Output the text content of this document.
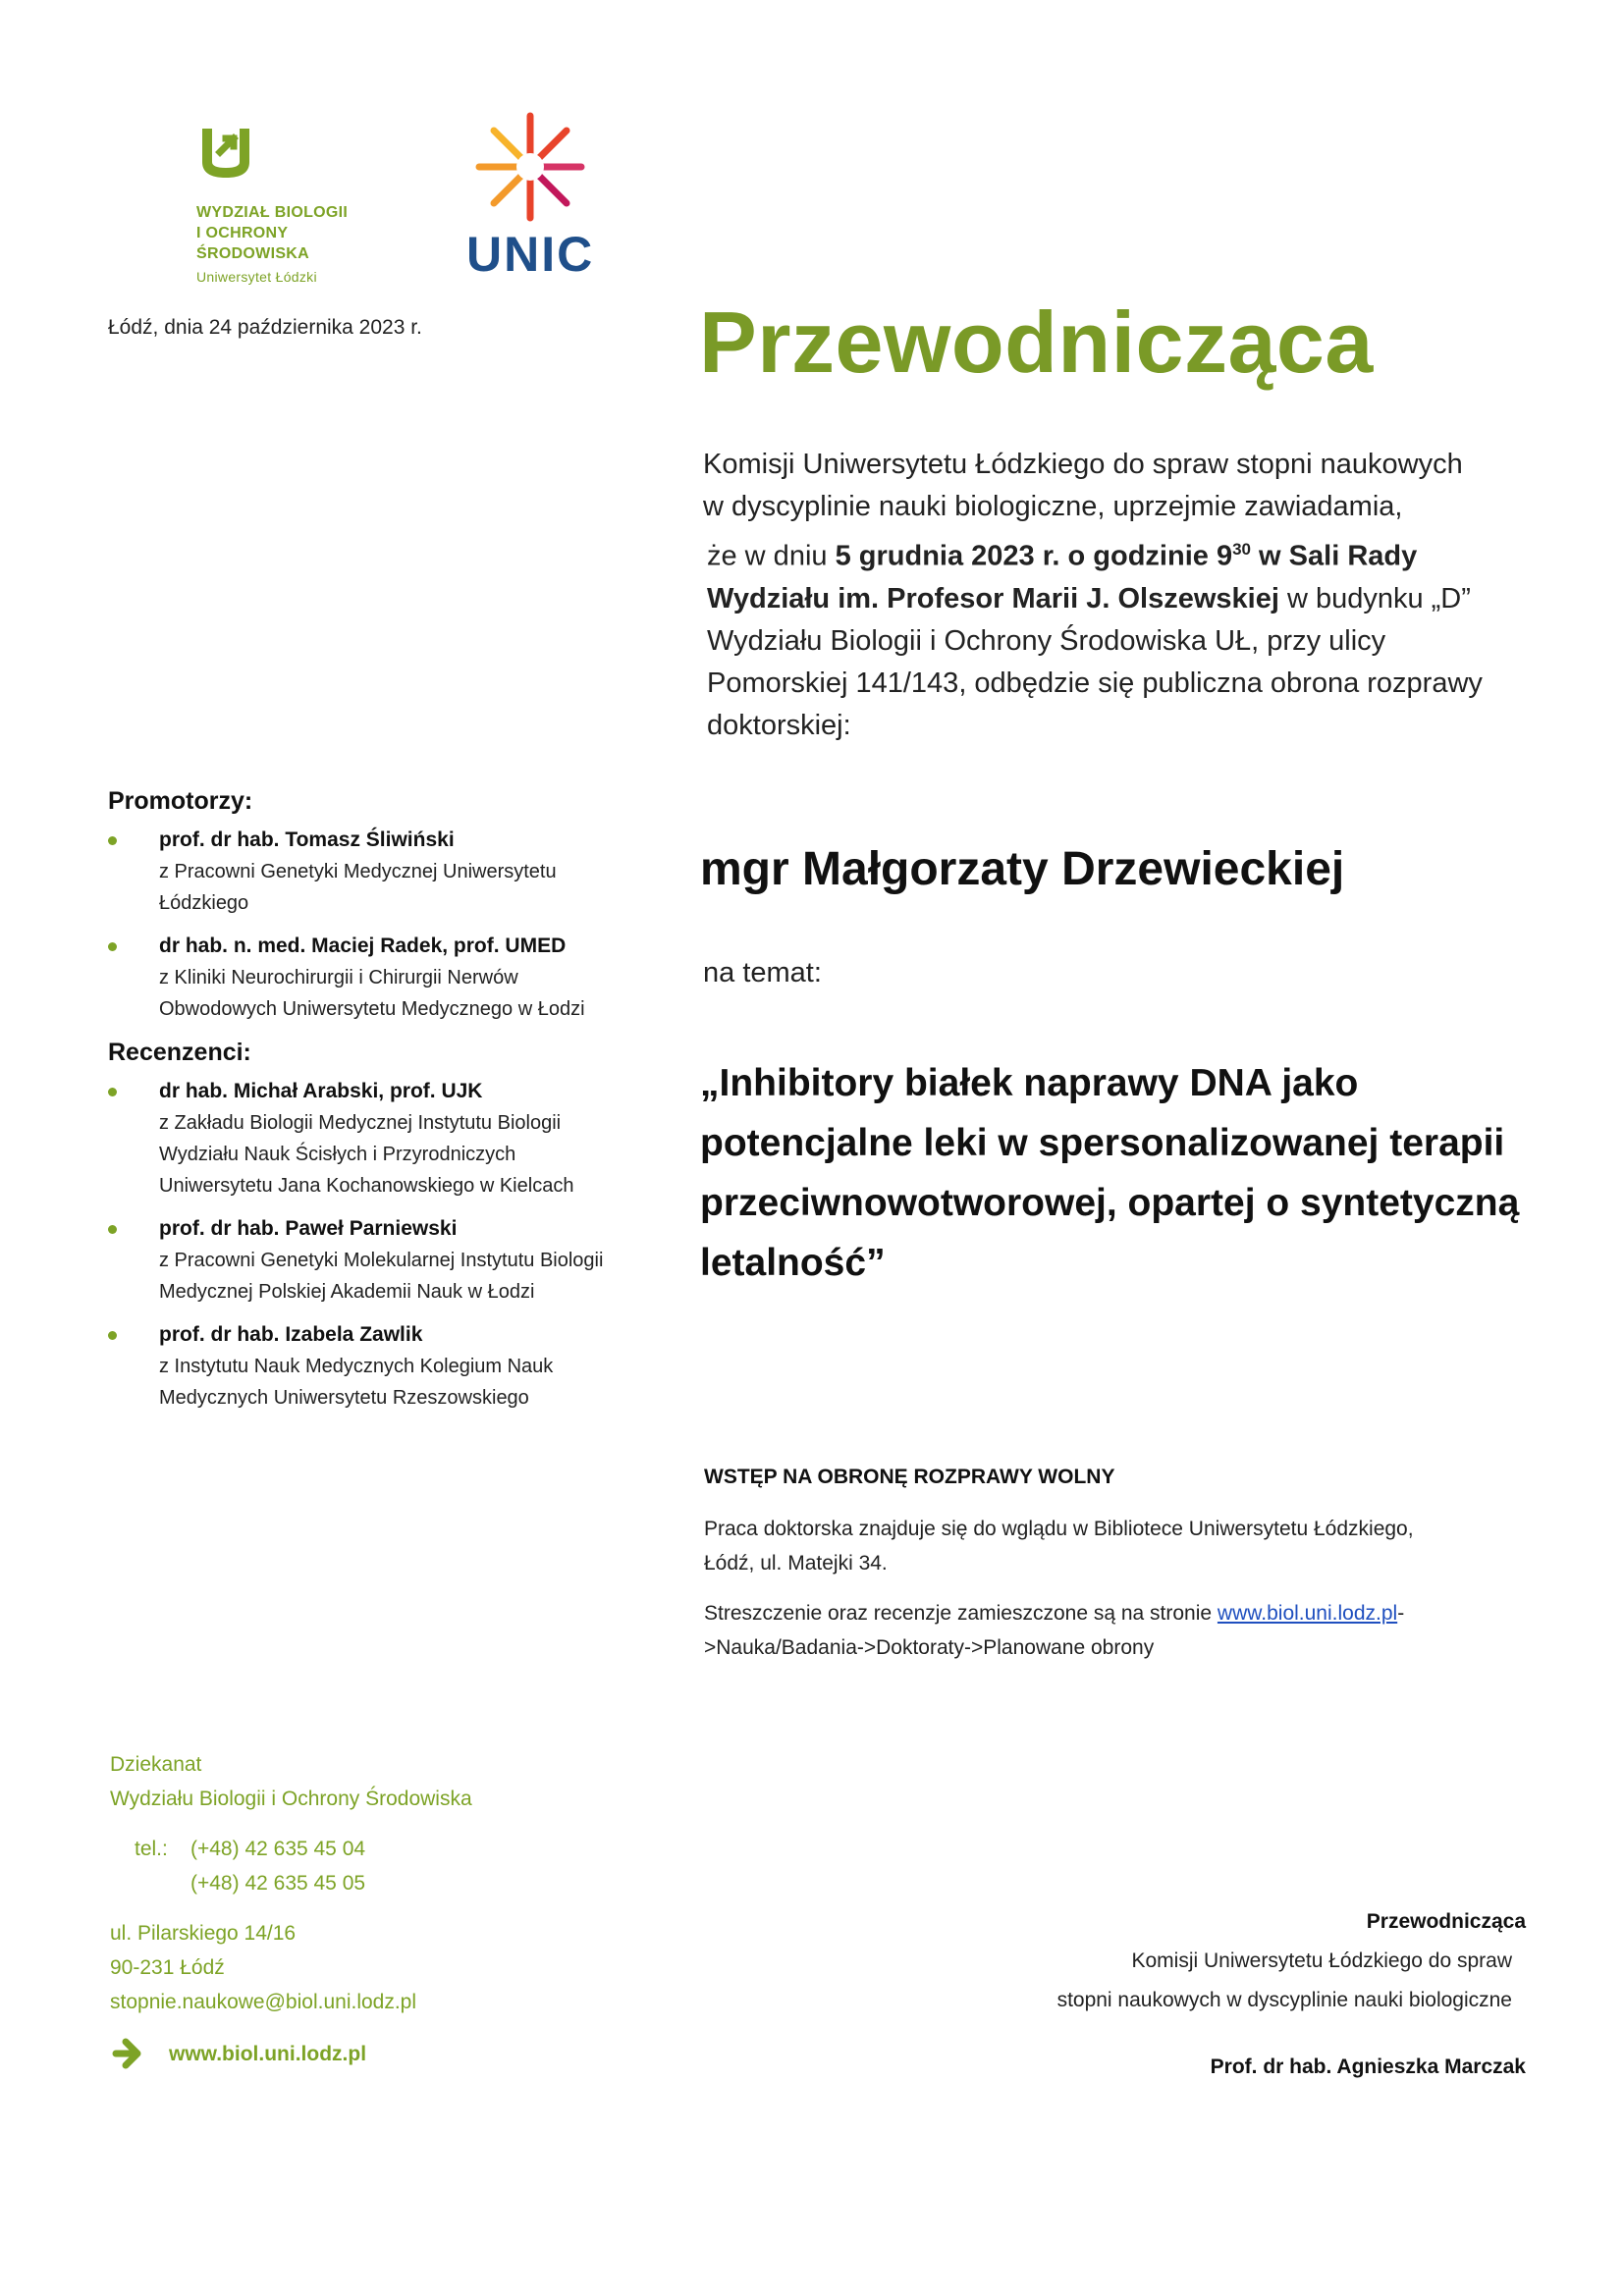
WYDZIAŁ BIOLOGII
I OCHRONY
ŚRODOWISKA
Uniwersytet Łódzki	UNIC
Łódź, dnia 24 października 2023 r.	Przewodnicząca

Komisji Uniwersytetu Łódzkiego do spraw stopni naukowych

w dyscyplinie nauki biologiczne, uprzejmie zawiadamia,

że w dniu 5 grudnia 2023 r. o godzinie $9^{30}$ w Sali Rady

Wydziału im. Profesor Marii J. Olszewskiej w budynku „D”

Wydziału Biologii i Ochrony Środowiska UŁ, przy ulicy

Pomorskiej 141/143, odbędzie się publiczna obrona rozprawy

doktorskiej:

Promotorzy:
prof. dr hab. Tomasz Śliwiński
z Pracowni Genetyki Medycznej Uniwersytetu
Łódzkiego
dr hab. n. med. Maciej Radek, prof. UMED
z Kliniki Neurochirurgii i Chirurgii Nerwów
Obwodowych Uniwersytetu Medycznego w Łodzi
Recenzenci:
dr hab. Michał Arabski, prof. UJK
z Zakładu Biologii Medycznej Instytutu Biologii
Wydziału Nauk Ścisłych i Przyrodniczych
Uniwersytetu Jana Kochanowskiego w Kielcach
prof. dr hab. Paweł Parniewski
z Pracowni Genetyki Molekularnej Instytutu Biologii
Medycznej Polskiej Akademii Nauk w Łodzi
prof. dr hab. Izabela Zawlik
z Instytutu Nauk Medycznych Kolegium Nauk
Medycznych Uniwersytetu Rzeszowskiego
mgr Małgorzaty Drzewieckiej
na temat:
„Inhibitory białek naprawy DNA jako
potencjalne leki w spersonalizowanej terapii
przeciwnowotworowej, opartej o syntetyczną
letalność”
WSTĘP NA OBRONĘ ROZPRAWY WOLNY

Praca doktorska znajduje się do wglądu w Bibliotece Uniwersytetu Łódzkiego,
Łódź, ul. Matejki 34.

Streszczenie oraz recenzje zamieszczone są na stronie www.biol.uni.lodz.pl-
>Nauka/Badania->Doktoraty->Planowane obrony

Dziekanat
Wydziału Biologii i Ochrony Środowiska
tel.:	(+48) 42 635 45 04
(+48) 42 635 45 05
ul. Pilarskiego 14/16
90-231 Łódź
stopnie.naukowe@biol.uni.lodz.pl
www.biol.uni.lodz.pl
Przewodnicząca
Komisji Uniwersytetu Łódzkiego do spraw
stopni naukowych w dyscyplinie nauki biologiczne
Prof. dr hab. Agnieszka Marczak
